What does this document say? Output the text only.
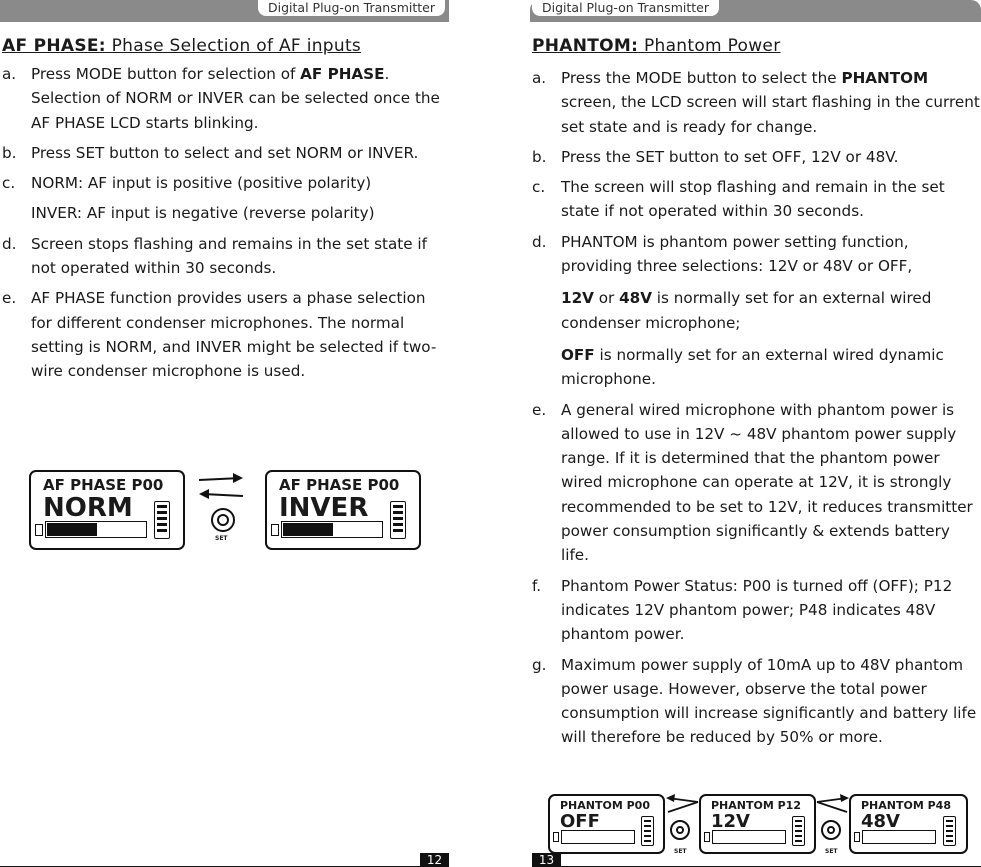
Digital Plug-on Transmitter	Digital Plug-on Transmitter
AF PHASE: Phase Selection of AF inputs
a. Press MODE button for selection of AF PHASE. Selection of NORM or INVER can be selected once the AF PHASE LCD starts blinking.
b. Press SET button to select and set NORM or INVER.
c. NORM: AF input is positive (positive polarity)
INVER: AF input is negative (reverse polarity)
d. Screen stops flashing and remains in the set state if not operated within 30 seconds.
e. AF PHASE function provides users a phase selection for different condenser microphones. The normal setting is NORM, and INVER might be selected if two-wire condenser microphone is used.
AF PHASE P00
NORM
SET
AF PHASE P00
INVER
12
PHANTOM: Phantom Power
a. Press the MODE button to select the PHANTOM screen, the LCD screen will start flashing in the current set state and is ready for change.
b. Press the SET button to set OFF, 12V or 48V.
c. The screen will stop flashing and remain in the set state if not operated within 30 seconds.
d. PHANTOM is phantom power setting function, providing three selections: 12V or 48V or OFF,
12V or 48V is normally set for an external wired condenser microphone;
OFF is normally set for an external wired dynamic microphone.
e. A general wired microphone with phantom power is allowed to use in 12V ~ 48V phantom power supply range. If it is determined that the phantom power wired microphone can operate at 12V, it is strongly recommended to be set to 12V, it reduces transmitter power consumption significantly & extends battery life.
f. Phantom Power Status: P00 is turned off (OFF); P12 indicates 12V phantom power; P48 indicates 48V phantom power.
g. Maximum power supply of 10mA up to 48V phantom power usage. However, observe the total power consumption will increase significantly and battery life will therefore be reduced by 50% or more.
PHANTOM P00
OFF
PHANTOM P12
12V
PHANTOM P48
48V
SET	SET
13
